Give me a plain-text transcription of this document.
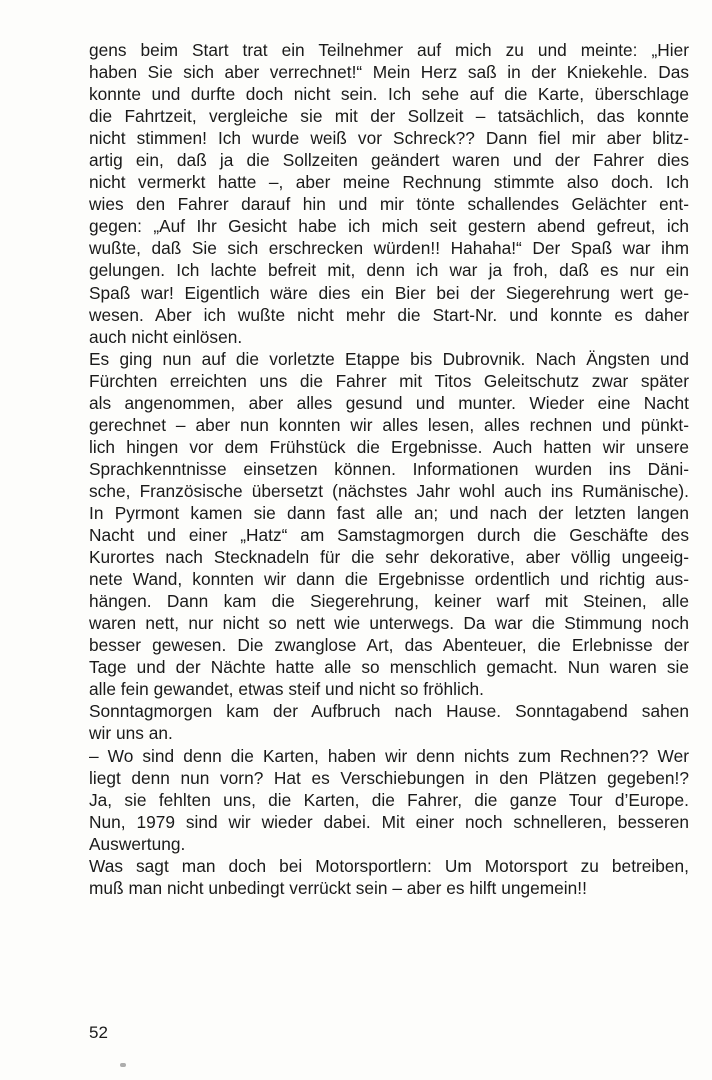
gens beim Start trat ein Teilnehmer auf mich zu und meinte: „Hier
haben Sie sich aber verrechnet!“ Mein Herz saß in der Kniekehle. Das
konnte und durfte doch nicht sein. Ich sehe auf die Karte, überschlage
die Fahrtzeit, vergleiche sie mit der Sollzeit – tatsächlich, das konnte
nicht stimmen! Ich wurde weiß vor Schreck?? Dann fiel mir aber blitz-
artig ein, daß ja die Sollzeiten geändert waren und der Fahrer dies
nicht vermerkt hatte –, aber meine Rechnung stimmte also doch. Ich
wies den Fahrer darauf hin und mir tönte schallendes Gelächter ent-
gegen: „Auf Ihr Gesicht habe ich mich seit gestern abend gefreut, ich
wußte, daß Sie sich erschrecken würden!! Hahaha!“ Der Spaß war ihm
gelungen. Ich lachte befreit mit, denn ich war ja froh, daß es nur ein
Spaß war! Eigentlich wäre dies ein Bier bei der Siegerehrung wert ge-
wesen. Aber ich wußte nicht mehr die Start-Nr. und konnte es daher
auch nicht einlösen.
Es ging nun auf die vorletzte Etappe bis Dubrovnik. Nach Ängsten und
Fürchten erreichten uns die Fahrer mit Titos Geleitschutz zwar später
als angenommen, aber alles gesund und munter. Wieder eine Nacht
gerechnet – aber nun konnten wir alles lesen, alles rechnen und pünkt-
lich hingen vor dem Frühstück die Ergebnisse. Auch hatten wir unsere
Sprachkenntnisse einsetzen können. Informationen wurden ins Däni-
sche, Französische übersetzt (nächstes Jahr wohl auch ins Rumänische).
In Pyrmont kamen sie dann fast alle an; und nach der letzten langen
Nacht und einer „Hatz“ am Samstagmorgen durch die Geschäfte des
Kurortes nach Stecknadeln für die sehr dekorative, aber völlig ungeeig-
nete Wand, konnten wir dann die Ergebnisse ordentlich und richtig aus-
hängen. Dann kam die Siegerehrung, keiner warf mit Steinen, alle
waren nett, nur nicht so nett wie unterwegs. Da war die Stimmung noch
besser gewesen. Die zwanglose Art, das Abenteuer, die Erlebnisse der
Tage und der Nächte hatte alle so menschlich gemacht. Nun waren sie
alle fein gewandet, etwas steif und nicht so fröhlich.
Sonntagmorgen kam der Aufbruch nach Hause. Sonntagabend sahen
wir uns an.
– Wo sind denn die Karten, haben wir denn nichts zum Rechnen?? Wer
liegt denn nun vorn? Hat es Verschiebungen in den Plätzen gegeben!?
Ja, sie fehlten uns, die Karten, die Fahrer, die ganze Tour d’Europe.
Nun, 1979 sind wir wieder dabei. Mit einer noch schnelleren, besseren
Auswertung.
Was sagt man doch bei Motorsportlern: Um Motorsport zu betreiben,
muß man nicht unbedingt verrückt sein – aber es hilft ungemein!!
52
